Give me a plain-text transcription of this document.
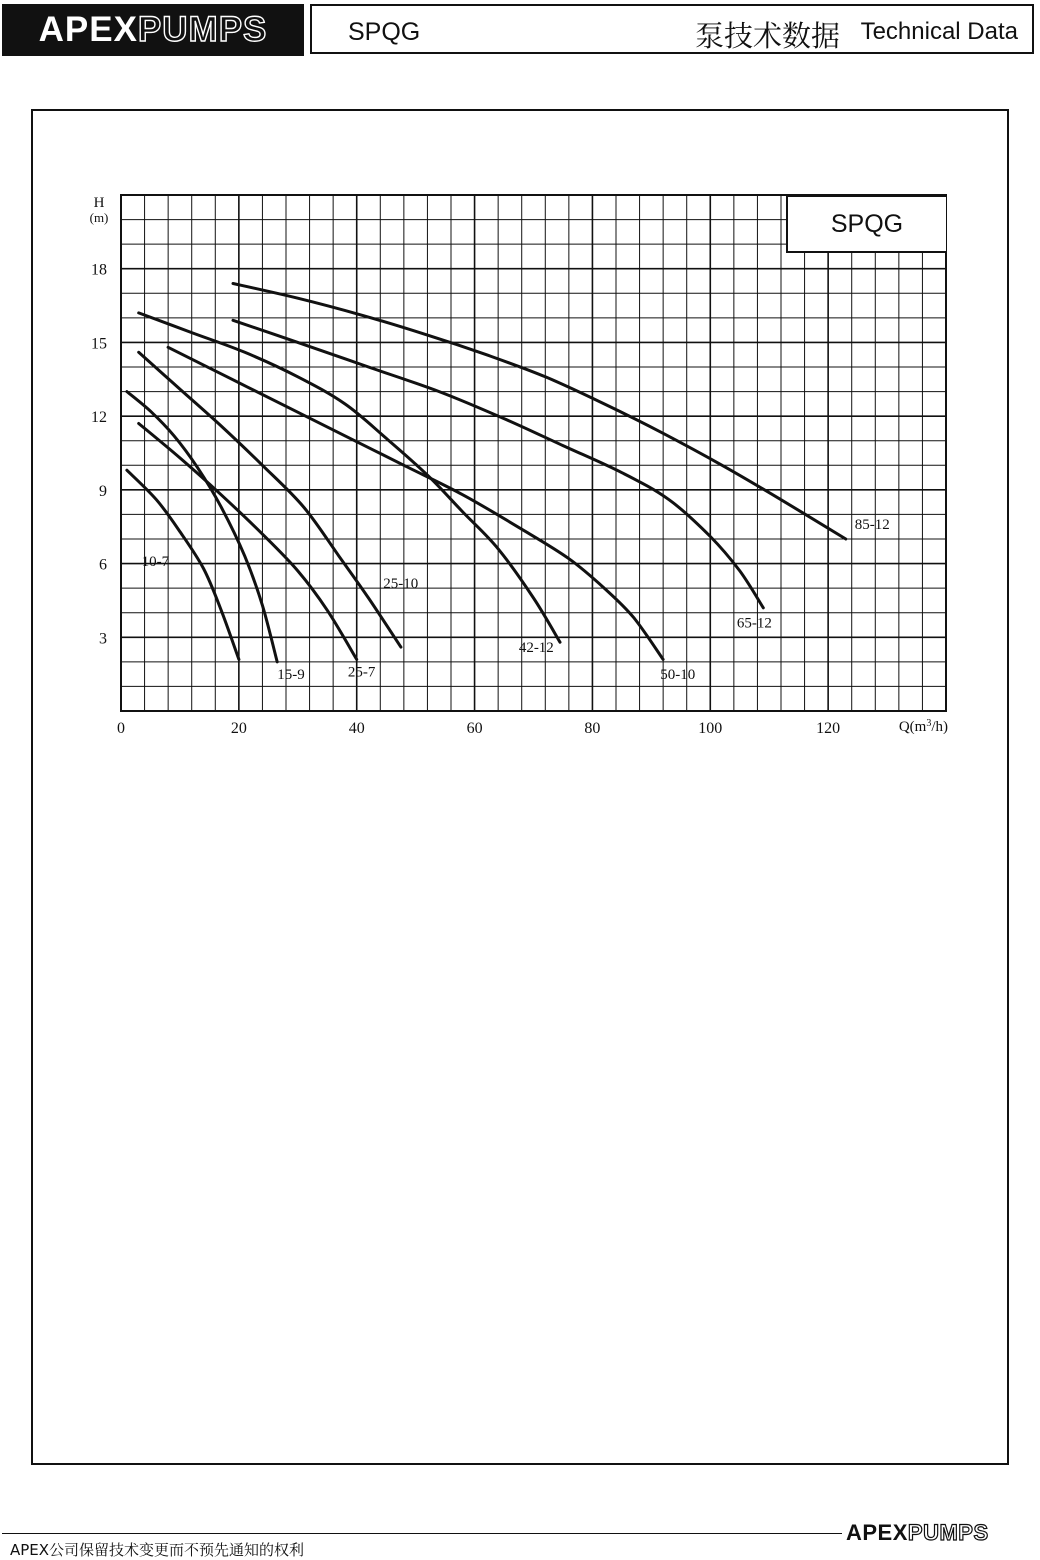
APEXPUMPS	SPQG	泵技术数据 Technical Data
0	20	40	60	80	100	120
3
6
9
12
15
18
H
(m)
$Q(m^3/h)$
10-7
15-9	25-7
25-10
42-12
50-10
65-12
85-12
SPQG
APEX公司保留技术变更而不预先通知的权利
APEXPUMPS
